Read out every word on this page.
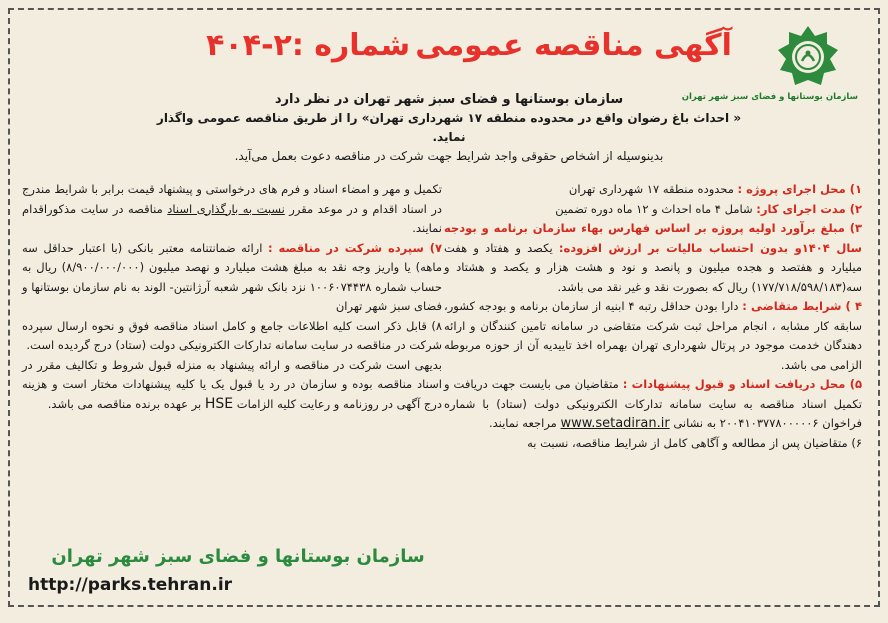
سازمان بوستانها و فضای سبز شهر تهران
آگهی مناقصه عمومی شماره :۲-۴۰۴

سازمان بوستانها و فضای سبز شهر تهران در نظر دارد

« احداث باغ رضوان واقع در محدوده منطقه ۱۷ شهرداری تهران» را از طریق مناقصه عمومی واگذار نماید.

بدینوسیله از اشخاص حقوقی واجد شرایط جهت شرکت در مناقصه دعوت بعمل می‌آید.

۱) محل اجرای پروژه : محدوده منطقه ۱۷ شهرداری تهران

۲) مدت اجرای کار: شامل ۴ ماه احداث و ۱۲ ماه دوره تضمین

۳) مبلغ برآورد اولیه پروژه بر اساس فهارس بهاء سازمان برنامه و بودجه سال ۱۴۰۴و بدون احتساب مالیات بر ارزش افزوده: یکصد و هفتاد و هفت میلیارد و هفتصد و هجده میلیون و پانصد و نود و هشت هزار و یکصد و هشتاد و سه(۱۷۷/۷۱۸/۵۹۸/۱۸۳) ریال که بصورت نقد و غیر نقد می باشد.

۴ ) شرایط متقاضی : دارا بودن حداقل رتبه ۴ ابنیه از سازمان برنامه و بودجه کشور، سابقه کار مشابه ، انجام مراحل ثبت شرکت متقاضی در سامانه تامین کنندگان و ارائه دهندگان خدمت موجود در پرتال شهرداری تهران بهمراه اخذ تاییدیه آن از حوزه مربوطه الزامی می باشد.

۵) محل دریافت اسناد و قبول پیشنهادات : متقاضیان می بایست جهت دریافت و تکمیل اسناد مناقصه به سایت سامانه تدارکات الکترونیکی دولت (ستاد) با شماره فراخوان ۲۰۰۴۱۰۳۷۷۸۰۰۰۰۰۶ به نشانی www.setadiran.ir مراجعه نمایند.

۶) متقاضیان پس از مطالعه و آگاهی کامل از شرایط مناقصه، نسبت به

تکمیل و مهر و امضاء اسناد و فرم های درخواستی و پیشنهاد قیمت برابر با شرایط مندرج در اسناد اقدام و در موعد مقرر نسبت به بارگذاری اسناد مناقصه در سایت مذکوراقدام نمایند.

۷) سپرده شرکت در مناقصه : ارائه ضمانتنامه معتبر بانکی (با اعتبار حداقل سه ماهه) یا واریز وجه نقد به مبلغ هشت میلیارد و نهصد میلیون (۸/۹۰۰/۰۰۰/۰۰۰) ریال به حساب شماره ۱۰۰۶۰۷۴۴۳۸ نزد بانک شهر شعبه آرژانتین- الوند به نام سازمان بوستانها و فضای سبز شهر تهران

۸) قابل ذکر است کلیه اطلاعات جامع و کامل اسناد مناقصه فوق و نحوه ارسال سپرده شرکت در مناقصه در سایت سامانه تدارکات الکترونیکی دولت (ستاد) درج گردیده است.

بدیهی است شرکت در مناقصه و ارائه پیشنهاد به منزله قبول شروط و تکالیف مقرر در اسناد مناقصه بوده و سازمان در رد یا قبول یک یا کلیه پیشنهادات مختار است و هزینه درج آگهی در روزنامه و رعایت کلیه الزامات HSE بر عهده برنده مناقصه می باشد.

سازمان بوستانها و فضای سبز شهر تهران
http://parks.tehran.ir
